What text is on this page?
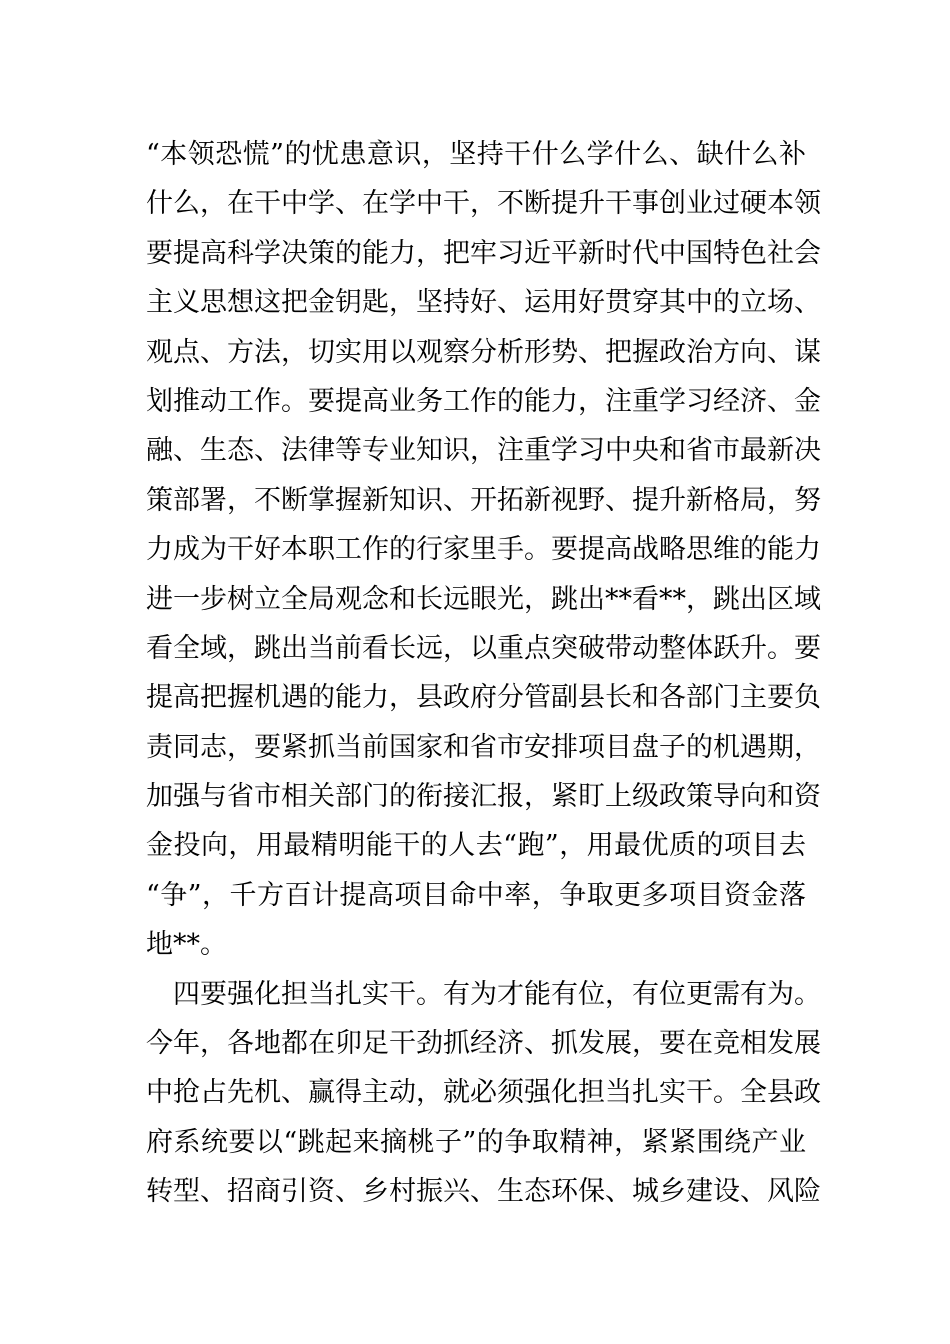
“本领恐慌”的忧患意识，坚持干什么学什么、缺什么补
什么，在干中学、在学中干，不断提升干事创业过硬本领
要提高科学决策的能力，把牢习近平新时代中国特色社会
主义思想这把金钥匙，坚持好、运用好贯穿其中的立场、
观点、方法，切实用以观察分析形势、把握政治方向、谋
划推动工作。要提高业务工作的能力，注重学习经济、金
融、生态、法律等专业知识，注重学习中央和省市最新决
策部署，不断掌握新知识、开拓新视野、提升新格局，努
力成为干好本职工作的行家里手。要提高战略思维的能力
进一步树立全局观念和长远眼光，跳出**看**，跳出区域
看全域，跳出当前看长远，以重点突破带动整体跃升。要
提高把握机遇的能力，县政府分管副县长和各部门主要负
责同志，要紧抓当前国家和省市安排项目盘子的机遇期，
加强与省市相关部门的衔接汇报，紧盯上级政策导向和资
金投向，用最精明能干的人去“跑”，用最优质的项目去
“争”，千方百计提高项目命中率，争取更多项目资金落
地**。
　四要强化担当扎实干。有为才能有位，有位更需有为。
今年，各地都在卯足干劲抓经济、抓发展，要在竞相发展
中抢占先机、赢得主动，就必须强化担当扎实干。全县政
府系统要以“跳起来摘桃子”的争取精神，紧紧围绕产业
转型、招商引资、乡村振兴、生态环保、城乡建设、风险
